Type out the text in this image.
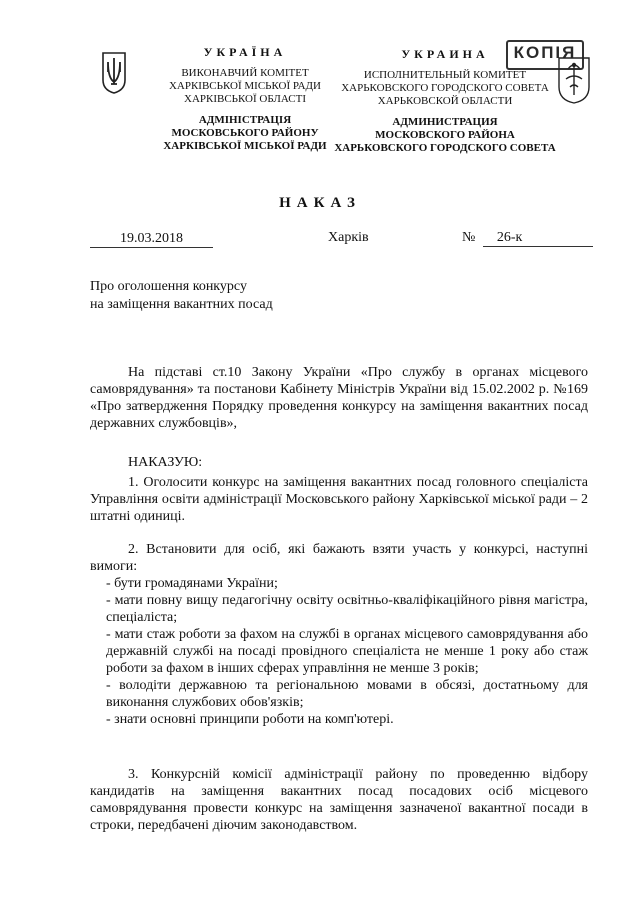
УКРАЇНА
ВИКОНАВЧИЙ КОМІТЕТ
ХАРКІВСЬКОЇ МІСЬКОЇ РАДИ
ХАРКІВСЬКОЇ ОБЛАСТІ
АДМІНІСТРАЦІЯ
МОСКОВСЬКОГО РАЙОНУ
ХАРКІВСЬКОЇ МІСЬКОЇ РАДИ
УКРАИНА
ИСПОЛНИТЕЛЬНЫЙ КОМИТЕТ
ХАРЬКОВСКОГО ГОРОДСКОГО СОВЕТА
ХАРЬКОВСКОЙ ОБЛАСТИ
АДМИНИСТРАЦИЯ
МОСКОВСКОГО РАЙОНА
ХАРЬКОВСКОГО ГОРОДСКОГО СОВЕТА
КОПІЯ
НАКАЗ
19.03.2018	Харків	№ 26-к
Про оголошення конкурсу
на заміщення вакантних посад
На підставі ст.10 Закону України «Про службу в органах місцевого самоврядування» та постанови Кабінету Міністрів України від 15.02.2002 р. №169 «Про затвердження Порядку проведення конкурсу на заміщення вакантних посад державних службовців»,
НАКАЗУЮ:
1. Оголосити конкурс на заміщення вакантних посад головного спеціаліста Управління освіти адміністрації Московського району Харківської міської ради – 2 штатні одиниці.
2. Встановити для осіб, які бажають взяти участь у конкурсі, наступні вимоги:
- бути громадянами України;
- мати повну вищу педагогічну освіту освітньо-кваліфікаційного рівня магістра, спеціаліста;
- мати стаж роботи за фахом на службі в органах місцевого самоврядування або державній службі на посаді провідного спеціаліста не менше 1 року або стаж роботи за фахом в інших сферах управління не менше 3 років;
- володіти державною та регіональною мовами в обсязі, достатньому для виконання службових обов'язків;
- знати основні принципи роботи на комп'ютері.
3. Конкурсній комісії адміністрації району по проведенню відбору кандидатів на заміщення вакантних посад посадових осіб місцевого самоврядування провести конкурс на заміщення зазначеної вакантної посади в строки, передбачені діючим законодавством.
